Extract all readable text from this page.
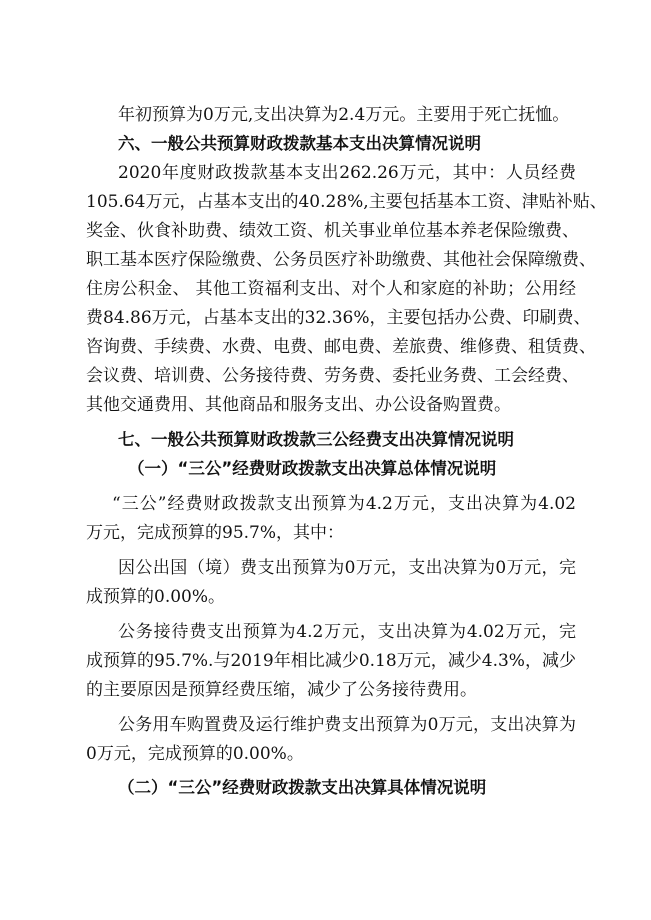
年初预算为0万元,支出决算为2.4万元。主要用于死亡抚恤。
六、一般公共预算财政拨款基本支出决算情况说明
2020年度财政拨款基本支出262.26万元，其中：人员经费
105.64万元，占基本支出的40.28%,主要包括基本工资、津贴补贴、
奖金、伙食补助费、绩效工资、机关事业单位基本养老保险缴费、
职工基本医疗保险缴费、公务员医疗补助缴费、其他社会保障缴费、
住房公积金、 其他工资福利支出、对个人和家庭的补助；公用经
费84.86万元，占基本支出的32.36%，主要包括办公费、印刷费、
咨询费、手续费、水费、电费、邮电费、差旅费、维修费、租赁费、
会议费、培训费、公务接待费、劳务费、委托业务费、工会经费、
其他交通费用、其他商品和服务支出、办公设备购置费。
七、一般公共预算财政拨款三公经费支出决算情况说明
（一）“三公”经费财政拨款支出决算总体情况说明
“三公”经费财政拨款支出预算为4.2万元，支出决算为4.02
万元，完成预算的95.7%，其中：
因公出国（境）费支出预算为0万元，支出决算为0万元，完
成预算的0.00%。
公务接待费支出预算为4.2万元，支出决算为4.02万元，完
成预算的95.7%.与2019年相比减少0.18万元，减少4.3%，减少
的主要原因是预算经费压缩，减少了公务接待费用。
公务用车购置费及运行维护费支出预算为0万元，支出决算为
0万元，完成预算的0.00%。
（二）“三公”经费财政拨款支出决算具体情况说明
